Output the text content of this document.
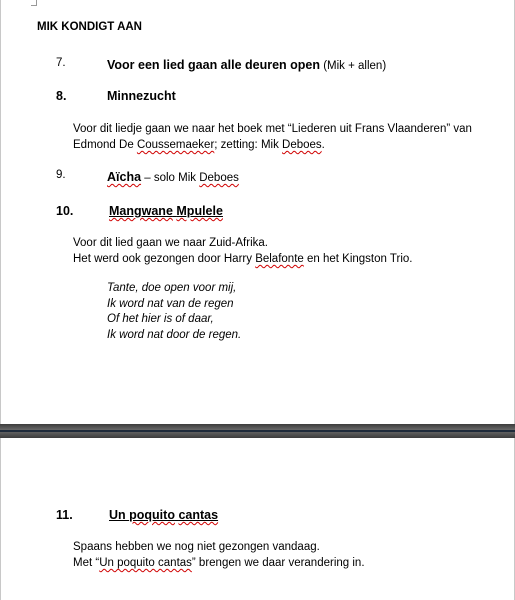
MIK KONDIGT AAN
7.	Voor een lied gaan alle deuren open (Mik + allen)
8.	Minnezucht
Voor dit liedje gaan we naar het boek met “Liederen uit Frans Vlaanderen” van
Edmond De Coussemaeker; zetting: Mik Deboes.
9.	Aïcha – solo Mik Deboes
10.	Mangwane Mpulele
Voor dit lied gaan we naar Zuid-Afrika.
Het werd ook gezongen door Harry Belafonte en het Kingston Trio.
Tante, doe open voor mij,
Ik word nat van de regen
Of het hier is of daar,
Ik word nat door de regen.
11.	Un poquito cantas
Spaans hebben we nog niet gezongen vandaag.
Met “Un poquito cantas” brengen we daar verandering in.
